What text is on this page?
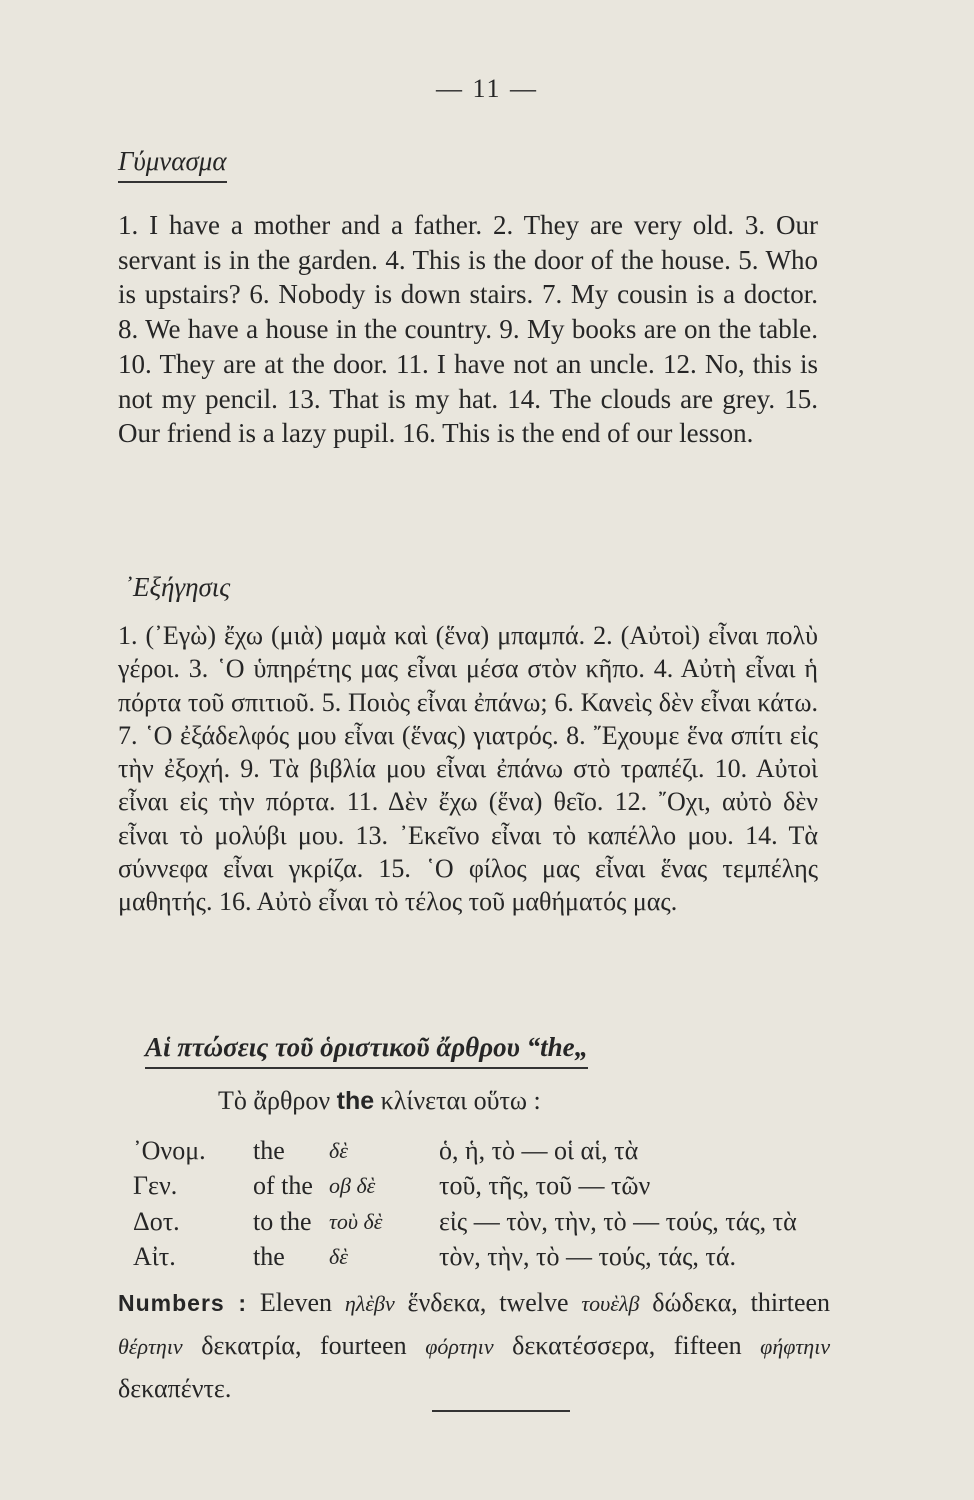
— 11 —
Γύμνασμα
1. I have a mother and a father. 2. They are very old. 3. Our servant is in the garden. 4. This is the door of the house. 5. Who is upstairs? 6. Nobody is down stairs. 7. My cousin is a doctor. 8. We have a house in the country. 9. My books are on the table. 10. They are at the door. 11. I have not an uncle. 12. No, this is not my pencil. 13. That is my hat. 14. The clouds are grey. 15. Our friend is a lazy pupil. 16. This is the end of our lesson.
᾿Εξήγησις
1. (᾿Εγὼ) ἔχω (μιὰ) μαμὰ καὶ (ἕνα) μπαμπά. 2. (Αὐτοὶ) εἶναι πολὺ γέροι. 3. ῾Ο ὑπηρέτης μας εἶναι μέσα στὸν κῆπο. 4. Αὐτὴ εἶναι ἡ πόρτα τοῦ σπιτιοῦ. 5. Ποιὸς εἶναι ἐπάνω; 6. Κανεὶς δὲν εἶναι κάτω. 7. ῾Ο ἐξάδελφός μου εἶναι (ἕνας) γιατρός. 8. ῎Εχουμε ἕνα σπίτι εἰς τὴν ἐξοχή. 9. Τὰ βιβλία μου εἶναι ἐπάνω στὸ τραπέζι. 10. Αὐτοὶ εἶναι εἰς τὴν πόρτα. 11. Δὲν ἔχω (ἕνα) θεῖο. 12. ῎Οχι, αὐτὸ δὲν εἶναι τὸ μολύβι μου. 13. ᾿Εκεῖνο εἶναι τὸ καπέλλο μου. 14. Τὰ σύννεφα εἶναι γκρίζα. 15. ῾Ο φίλος μας εἶναι ἕνας τεμπέλης μαθητής. 16. Αὐτὸ εἶναι τὸ τέλος τοῦ μαθήματός μας.
Αἱ πτώσεις τοῦ ὁριστικοῦ ἄρθρου “the„
Τὸ ἄρθρον the κλίνεται οὕτω :
᾿Ονομ.	the	δὲ	ὁ, ἡ, τὸ — οἱ αἱ, τὰ
Γεν.	of the	οβ δὲ	τοῦ, τῆς, τοῦ — τῶν
Δοτ.	to the	τοὺ δὲ	εἰς — τὸν, τὴν, τὸ — τούς, τάς, τὰ
Αἰτ.	the	δὲ	τὸν, τὴν, τὸ — τούς, τάς, τά.
Numbers : Eleven ηλὲβν ἕνδεκα, twelve τουὲλβ δώδεκα, thirteen θέρτηιν δεκατρία, fourteen φόρτηιν δεκατέσσερα, fifteen φήφτηιν δεκαπέντε.
